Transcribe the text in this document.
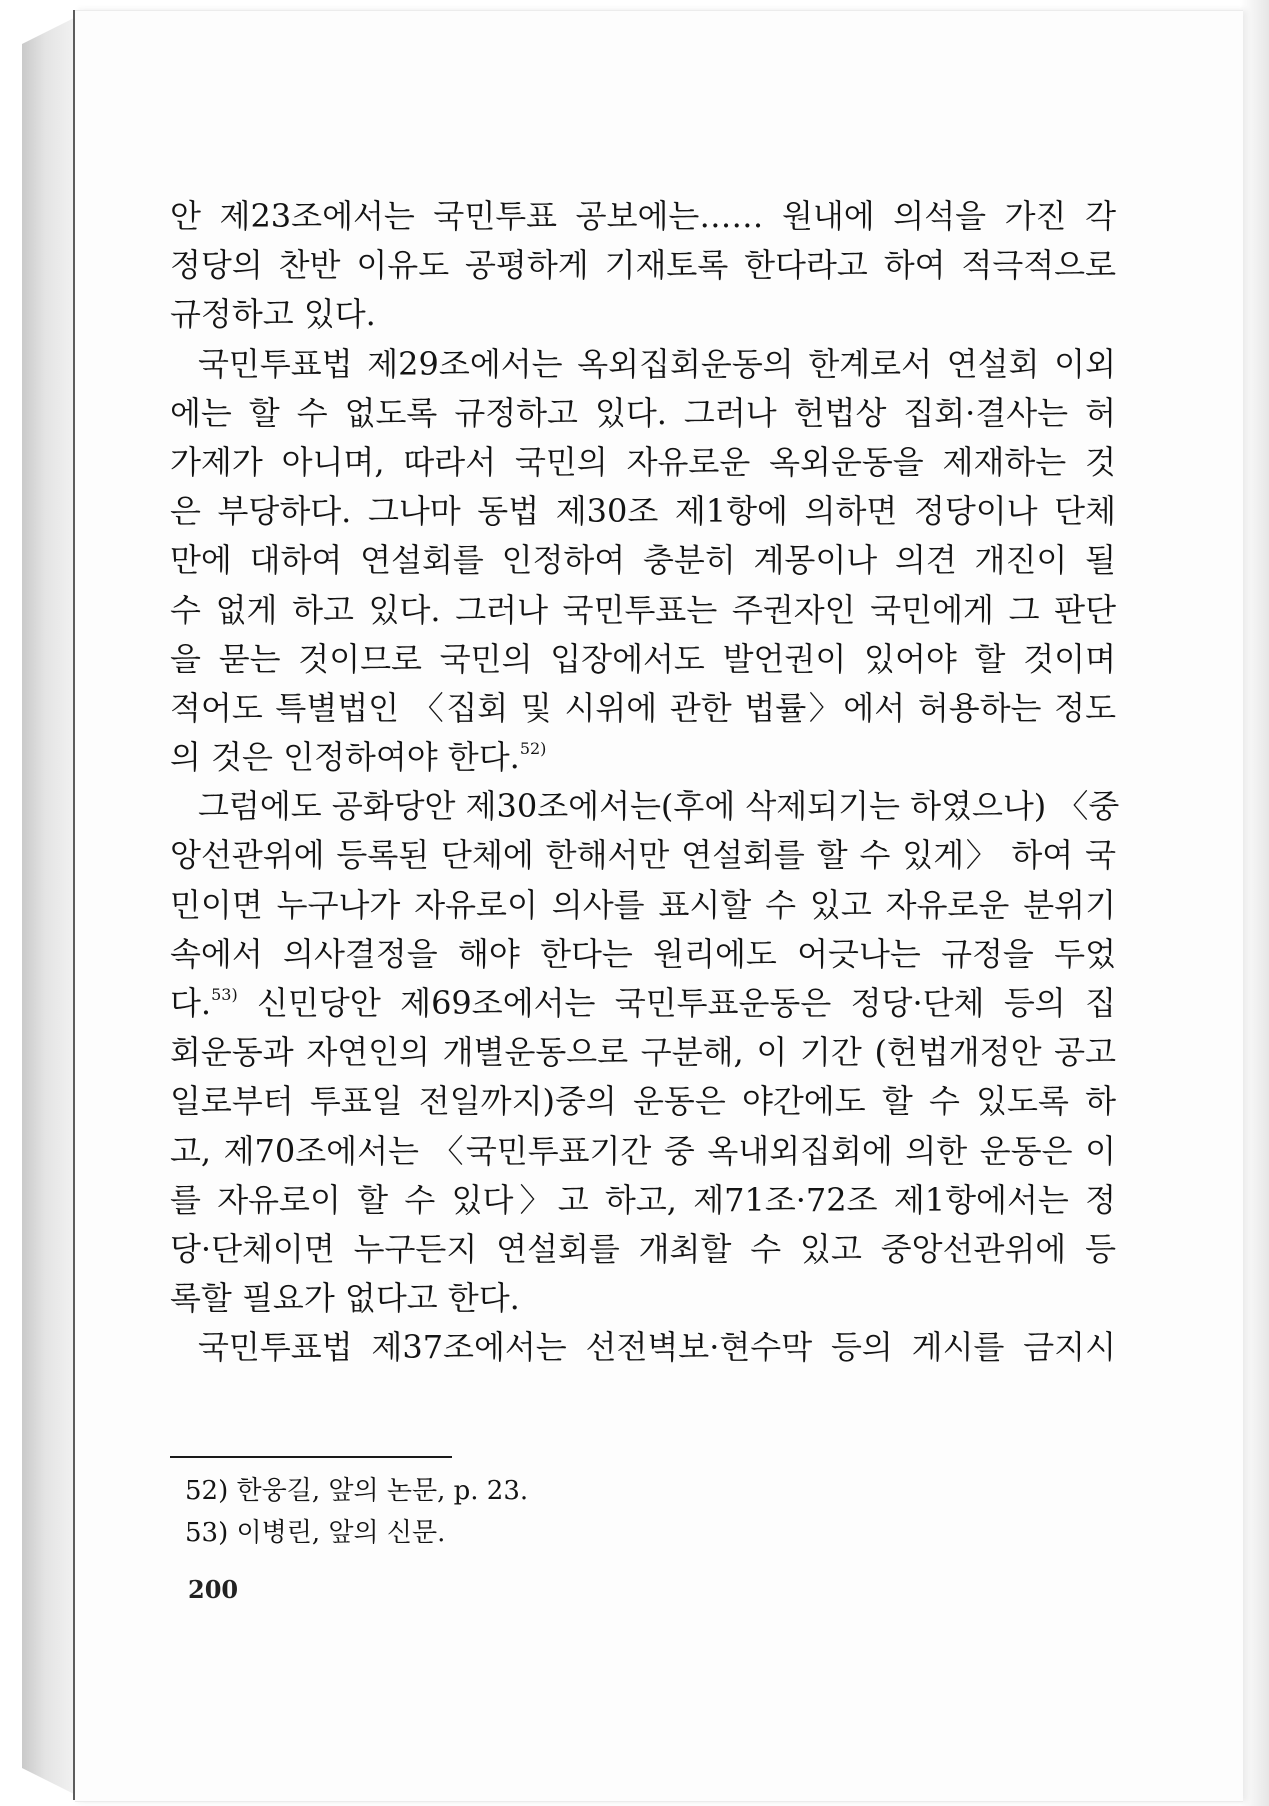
안 제23조에서는 국민투표 공보에는…… 원내에 의석을 가진 각
정당의 찬반 이유도 공평하게 기재토록 한다라고 하여 적극적으로
규정하고 있다.
국민투표법 제29조에서는 옥외집회운동의 한계로서 연설회 이외
에는 할 수 없도록 규정하고 있다. 그러나 헌법상 집회·결사는 허
가제가 아니며, 따라서 국민의 자유로운 옥외운동을 제재하는 것
은 부당하다. 그나마 동법 제30조 제1항에 의하면 정당이나 단체
만에 대하여 연설회를 인정하여 충분히 계몽이나 의견 개진이 될
수 없게 하고 있다. 그러나 국민투표는 주권자인 국민에게 그 판단
을 묻는 것이므로 국민의 입장에서도 발언권이 있어야 할 것이며
적어도 특별법인 〈집회 및 시위에 관한 법률〉에서 허용하는 정도
의 것은 인정하여야 한다.$^{52)}$
그럼에도 공화당안 제30조에서는(후에 삭제되기는 하였으나) 〈중
앙선관위에 등록된 단체에 한해서만 연설회를 할 수 있게〉 하여 국
민이면 누구나가 자유로이 의사를 표시할 수 있고 자유로운 분위기
속에서 의사결정을 해야 한다는 원리에도 어긋나는 규정을 두었
다.$^{53)}$ 신민당안 제69조에서는 국민투표운동은 정당·단체 등의 집
회운동과 자연인의 개별운동으로 구분해, 이 기간 (헌법개정안 공고
일로부터 투표일 전일까지)중의 운동은 야간에도 할 수 있도록 하
고, 제70조에서는 〈국민투표기간 중 옥내외집회에 의한 운동은 이
를 자유로이 할 수 있다〉고 하고, 제71조·72조 제1항에서는 정
당·단체이면 누구든지 연설회를 개최할 수 있고 중앙선관위에 등
록할 필요가 없다고 한다.
국민투표법 제37조에서는 선전벽보·현수막 등의 게시를 금지시
52) 한웅길, 앞의 논문, p. 23.
53) 이병린, 앞의 신문.
200
